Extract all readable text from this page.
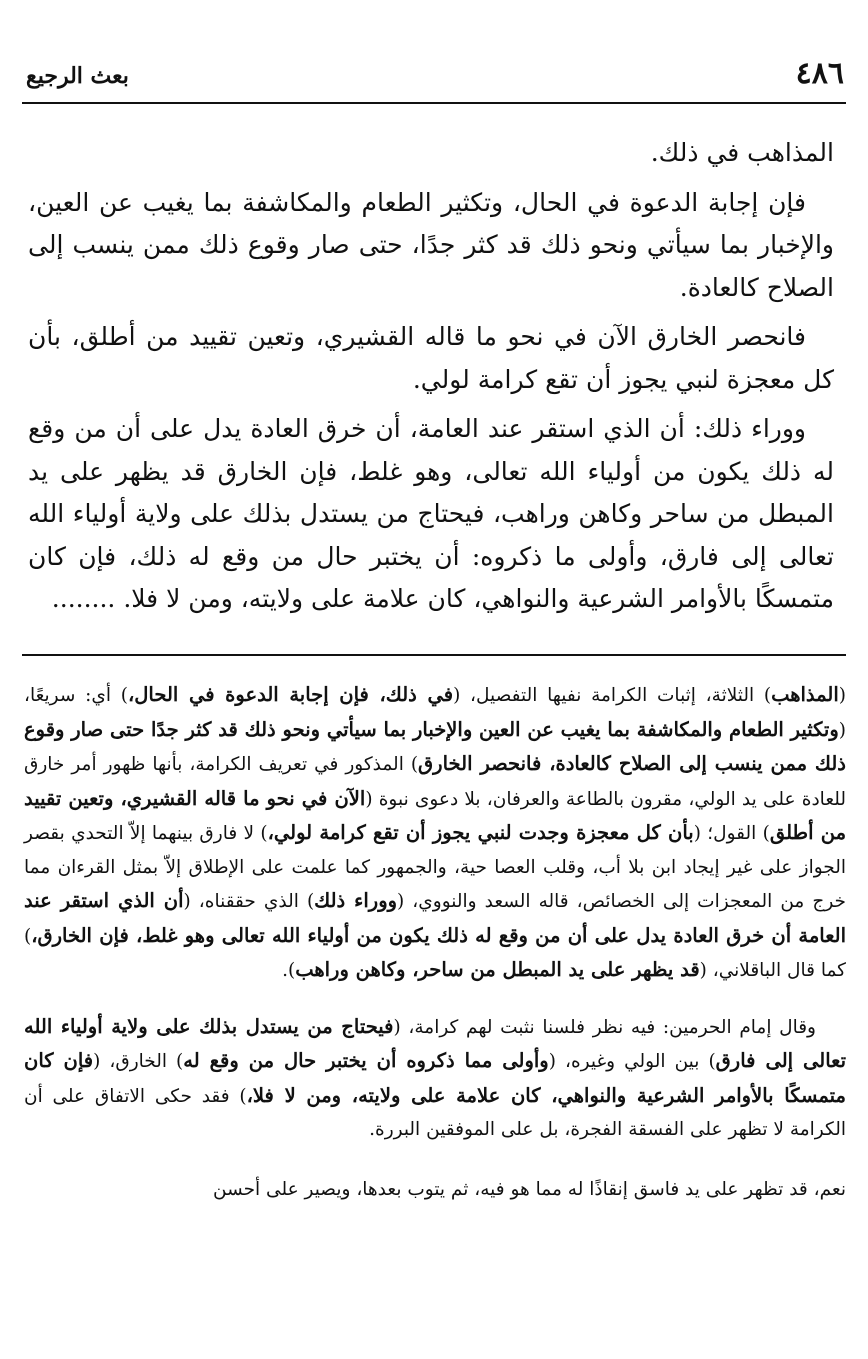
٤٨٦
بعث الرجيع

المذاهب في ذلك.

فإن إجابة الدعوة في الحال، وتكثير الطعام والمكاشفة بما يغيب عن العين، والإخبار بما سيأتي ونحو ذلك قد كثر جدًا، حتى صار وقوع ذلك ممن ينسب إلى الصلاح كالعادة.

فانحصر الخارق الآن في نحو ما قاله القشيري، وتعين تقييد من أطلق، بأن كل معجزة لنبي يجوز أن تقع كرامة لولي.

ووراء ذلك: أن الذي استقر عند العامة، أن خرق العادة يدل على أن من وقع له ذلك يكون من أولياء الله تعالى، وهو غلط، فإن الخارق قد يظهر على يد المبطل من ساحر وكاهن وراهب، فيحتاج من يستدل بذلك على ولاية أولياء الله تعالى إلى فارق، وأولى ما ذكروه: أن يختبر حال من وقع له ذلك، فإن كان متمسكًا بالأوامر الشرعية والنواهي، كان علامة على ولايته، ومن لا فلا. ........

(المذاهب) الثلاثة، إثبات الكرامة نفيها التفصيل، (في ذلك، فإن إجابة الدعوة في الحال،) أي: سريعًا، (وتكثير الطعام والمكاشفة بما يغيب عن العين والإخبار بما سيأتي ونحو ذلك قد كثر جدًا حتى صار وقوع ذلك ممن ينسب إلى الصلاح كالعادة، فانحصر الخارق) المذكور في تعريف الكرامة، بأنها ظهور أمر خارق للعادة على يد الولي، مقرون بالطاعة والعرفان، بلا دعوى نبوة (الآن في نحو ما قاله القشيري، وتعين تقييد من أطلق) القول؛ (بأن كل معجزة وجدت لنبي يجوز أن تقع كرامة لولي،) لا فارق بينهما إلاّ التحدي بقصر الجواز على غير إيجاد ابن بلا أب، وقلب العصا حية، والجمهور كما علمت على الإطلاق إلاّ بمثل القرءان مما خرج من المعجزات إلى الخصائص، قاله السعد والنووي، (ووراء ذلك) الذي حققناه، (أن الذي استقر عند العامة أن خرق العادة يدل على أن من وقع له ذلك يكون من أولياء الله تعالى وهو غلط، فإن الخارق،) كما قال الباقلاني، (قد يظهر على يد المبطل من ساحر، وكاهن وراهب).

وقال إمام الحرمين: فيه نظر فلسنا نثبت لهم كرامة، (فيحتاج من يستدل بذلك على ولاية أولياء الله تعالى إلى فارق) بين الولي وغيره، (وأولى مما ذكروه أن يختبر حال من وقع له) الخارق، (فإن كان متمسكًا بالأوامر الشرعية والنواهي، كان علامة على ولايته، ومن لا فلا،) فقد حكى الاتفاق على أن الكرامة لا تظهر على الفسقة الفجرة، بل على الموفقين البررة.

نعم، قد تظهر على يد فاسق إنقاذًا له مما هو فيه، ثم يتوب بعدها، ويصير على أحسن
